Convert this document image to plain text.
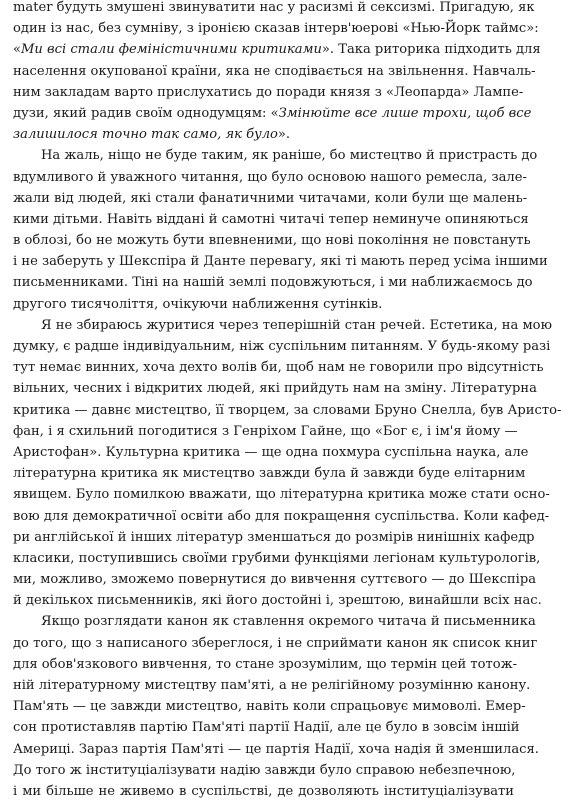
mater будуть змушені звинуватити нас у расизмі й сексизмі. Пригадую, як
один із нас, без сумніву, з іронією сказав інтерв'юерові «Нью-Йорк таймс»:
«Ми всі стали феміністичними критиками». Така риторика підходить для
населення окупованої країни, яка не сподівається на звільнення. Навчаль-
ним закладам варто прислухатись до поради князя з «Леопарда» Лампе-
дузи, який радив своїм однодумцям: «Змінюйте все лише трохи, щоб все
залишилося точно так само, як було».
На жаль, ніщо не буде таким, як раніше, бо мистецтво й пристрасть до
вдумливого й уважного читання, що було основою нашого ремесла, зале-
жали від людей, які стали фанатичними читачами, коли були ще малень-
кими дітьми. Навіть віддані й самотні читачі тепер неминуче опиняються
в облозі, бо не можуть бути впевненими, що нові покоління не повстануть
і не заберуть у Шекспіра й Данте перевагу, які ті мають перед усіма іншими
письменниками. Тіні на нашій землі подовжуються, і ми наближаємось до
другого тисячоліття, очікуючи наближення сутінків.
Я не збираюсь журитися через теперішній стан речей. Естетика, на мою
думку, є радше індивідуальним, ніж суспільним питанням. У будь-якому разі
тут немає винних, хоча дехто волів би, щоб нам не говорили про відсутність
вільних, чесних і відкритих людей, які прийдуть нам на зміну. Літературна
критика — давнє мистецтво, її творцем, за словами Бруно Снелла, був Аристо-
фан, і я схильний погодитися з Генріхом Гайне, що «Бог є, і ім'я йому —
Аристофан». Культурна критика — ще одна похмура суспільна наука, але
літературна критика як мистецтво завжди була й завжди буде елітарним
явищем. Було помилкою вважати, що літературна критика може стати осно-
вою для демократичної освіти або для покращення суспільства. Коли кафед-
ри англійської й інших літератур зменшаться до розмірів нинішніх кафедр
класики, поступившись своїми грубими функціями легіонам культурологів,
ми, можливо, зможемо повернутися до вивчення суттєвого — до Шекспіра
й декількох письменників, які його достойні і, зрештою, винайшли всіх нас.
Якщо розглядати канон як ставлення окремого читача й письменника
до того, що з написаного збереглося, і не сприймати канон як список книг
для обов'язкового вивчення, то стане зрозумілим, що термін цей тотож-
ній літературному мистецтву пам'яті, а не релігійному розумінню канону.
Пам'ять — це завжди мистецтво, навіть коли спрацьовує мимоволі. Емер-
сон протиставляв партію Пам'яті партії Надії, але це було в зовсім іншій
Америці. Зараз партія Пам'яті — це партія Надії, хоча надія й зменшилася.
До того ж інституціалізувати надію завжди було справою небезпечною,
і ми більше не живемо в суспільстві, де дозволяють інституціалізувати
